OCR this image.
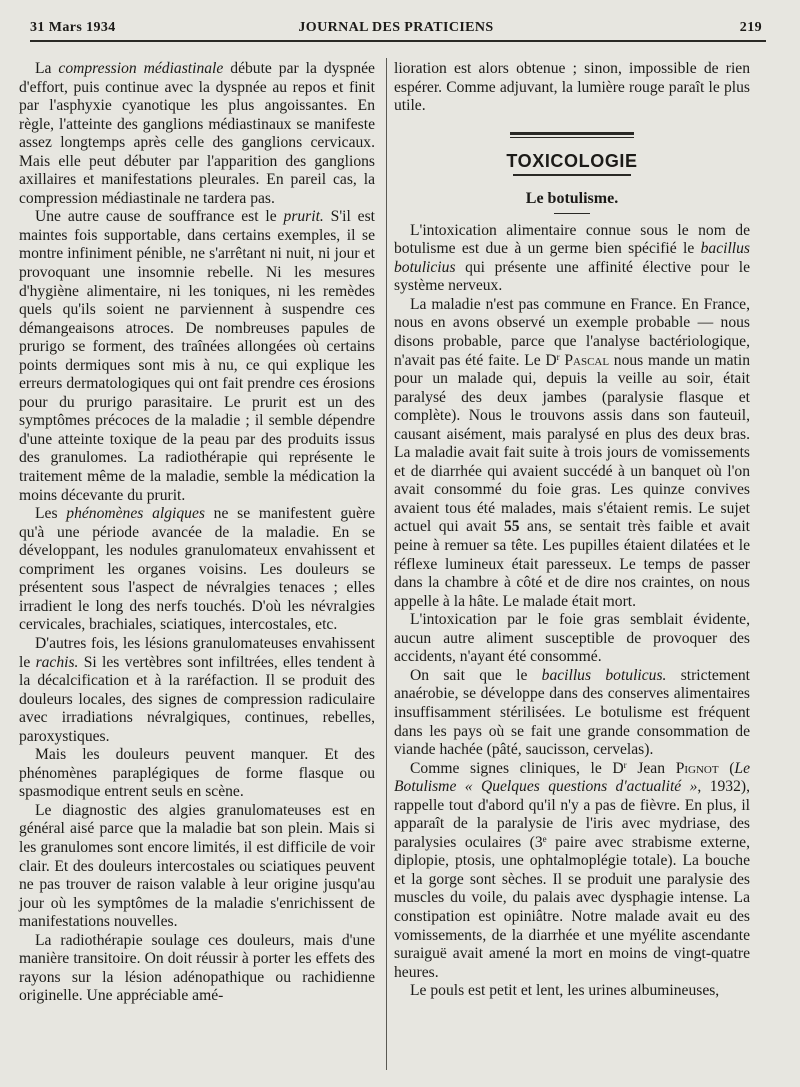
31 Mars 1934	JOURNAL DES PRATICIENS	219

La compression médiastinale débute par la dyspnée d'effort, puis continue avec la dyspnée au repos et finit par l'asphyxie cyanotique les plus angoissantes. En règle, l'atteinte des ganglions médiastinaux se manifeste assez longtemps après celle des ganglions cervicaux. Mais elle peut débuter par l'apparition des ganglions axillaires et manifestations pleurales. En pareil cas, la compression médiastinale ne tardera pas.

Une autre cause de souffrance est le prurit. S'il est maintes fois supportable, dans certains exemples, il se montre infiniment pénible, ne s'arrêtant ni nuit, ni jour et provoquant une insomnie rebelle. Ni les mesures d'hygiène alimentaire, ni les toniques, ni les remèdes quels qu'ils soient ne parviennent à suspendre ces démangeaisons atroces. De nombreuses papules de prurigo se forment, des traînées allongées où certains points dermiques sont mis à nu, ce qui explique les erreurs dermatologiques qui ont fait prendre ces érosions pour du prurigo parasitaire. Le prurit est un des symptômes précoces de la maladie ; il semble dépendre d'une atteinte toxique de la peau par des produits issus des granulomes. La radiothérapie qui représente le traitement même de la maladie, semble la médication la moins décevante du prurit.

Les phénomènes algiques ne se manifestent guère qu'à une période avancée de la maladie. En se développant, les nodules granulomateux envahissent et compriment les organes voisins. Les douleurs se présentent sous l'aspect de névralgies tenaces ; elles irradient le long des nerfs touchés. D'où les névralgies cervicales, brachiales, sciatiques, intercostales, etc.

D'autres fois, les lésions granulomateuses envahissent le rachis. Si les vertèbres sont infiltrées, elles tendent à la décalcification et à la raréfaction. Il se produit des douleurs locales, des signes de compression radiculaire avec irradiations névralgiques, continues, rebelles, paroxystiques.

Mais les douleurs peuvent manquer. Et des phénomènes paraplégiques de forme flasque ou spasmodique entrent seuls en scène.

Le diagnostic des algies granulomateuses est en général aisé parce que la maladie bat son plein. Mais si les granulomes sont encore limités, il est difficile de voir clair. Et des douleurs intercostales ou sciatiques peuvent ne pas trouver de raison valable à leur origine jusqu'au jour où les symptômes de la maladie s'enrichissent de manifestations nouvelles.

La radiothérapie soulage ces douleurs, mais d'une manière transitoire. On doit réussir à porter les effets des rayons sur la lésion adénopathique ou rachidienne originelle. Une appréciable amé-

lioration est alors obtenue ; sinon, impossible de rien espérer. Comme adjuvant, la lumière rouge paraît le plus utile.

TOXICOLOGIE
Le botulisme.

L'intoxication alimentaire connue sous le nom de botulisme est due à un germe bien spécifié le bacillus botulicius qui présente une affinité élective pour le système nerveux.

La maladie n'est pas commune en France. En France, nous en avons observé un exemple probable — nous disons probable, parce que l'analyse bactériologique, n'avait pas été faite. Le $D^r$ Pascal nous mande un matin pour un malade qui, depuis la veille au soir, était paralysé des deux jambes (paralysie flasque et complète). Nous le trouvons assis dans son fauteuil, causant aisément, mais paralysé en plus des deux bras. La maladie avait fait suite à trois jours de vomissements et de diarrhée qui avaient succédé à un banquet où l'on avait consommé du foie gras. Les quinze convives avaient tous été malades, mais s'étaient remis. Le sujet actuel qui avait 55 ans, se sentait très faible et avait peine à remuer sa tête. Les pupilles étaient dilatées et le réflexe lumineux était paresseux. Le temps de passer dans la chambre à côté et de dire nos craintes, on nous appelle à la hâte. Le malade était mort.

L'intoxication par le foie gras semblait évidente, aucun autre aliment susceptible de provoquer des accidents, n'ayant été consommé.

On sait que le bacillus botulicus. strictement anaérobie, se développe dans des conserves alimentaires insuffisamment stérilisées. Le botulisme est fréquent dans les pays où se fait une grande consommation de viande hachée (pâté, saucisson, cervelas).

Comme signes cliniques, le $D^r$ Jean Pignot (Le Botulisme « Quelques questions d'actualité », 1932), rappelle tout d'abord qu'il n'y a pas de fièvre. En plus, il apparaît de la paralysie de l'iris avec mydriase, des paralysies oculaires (3e paire avec strabisme externe, diplopie, ptosis, une ophtalmoplégie totale). La bouche et la gorge sont sèches. Il se produit une paralysie des muscles du voile, du palais avec dysphagie intense. La constipation est opiniâtre. Notre malade avait eu des vomissements, de la diarrhée et une myélite ascendante suraiguë avait amené la mort en moins de vingt-quatre heures.

Le pouls est petit et lent, les urines albumineuses,
